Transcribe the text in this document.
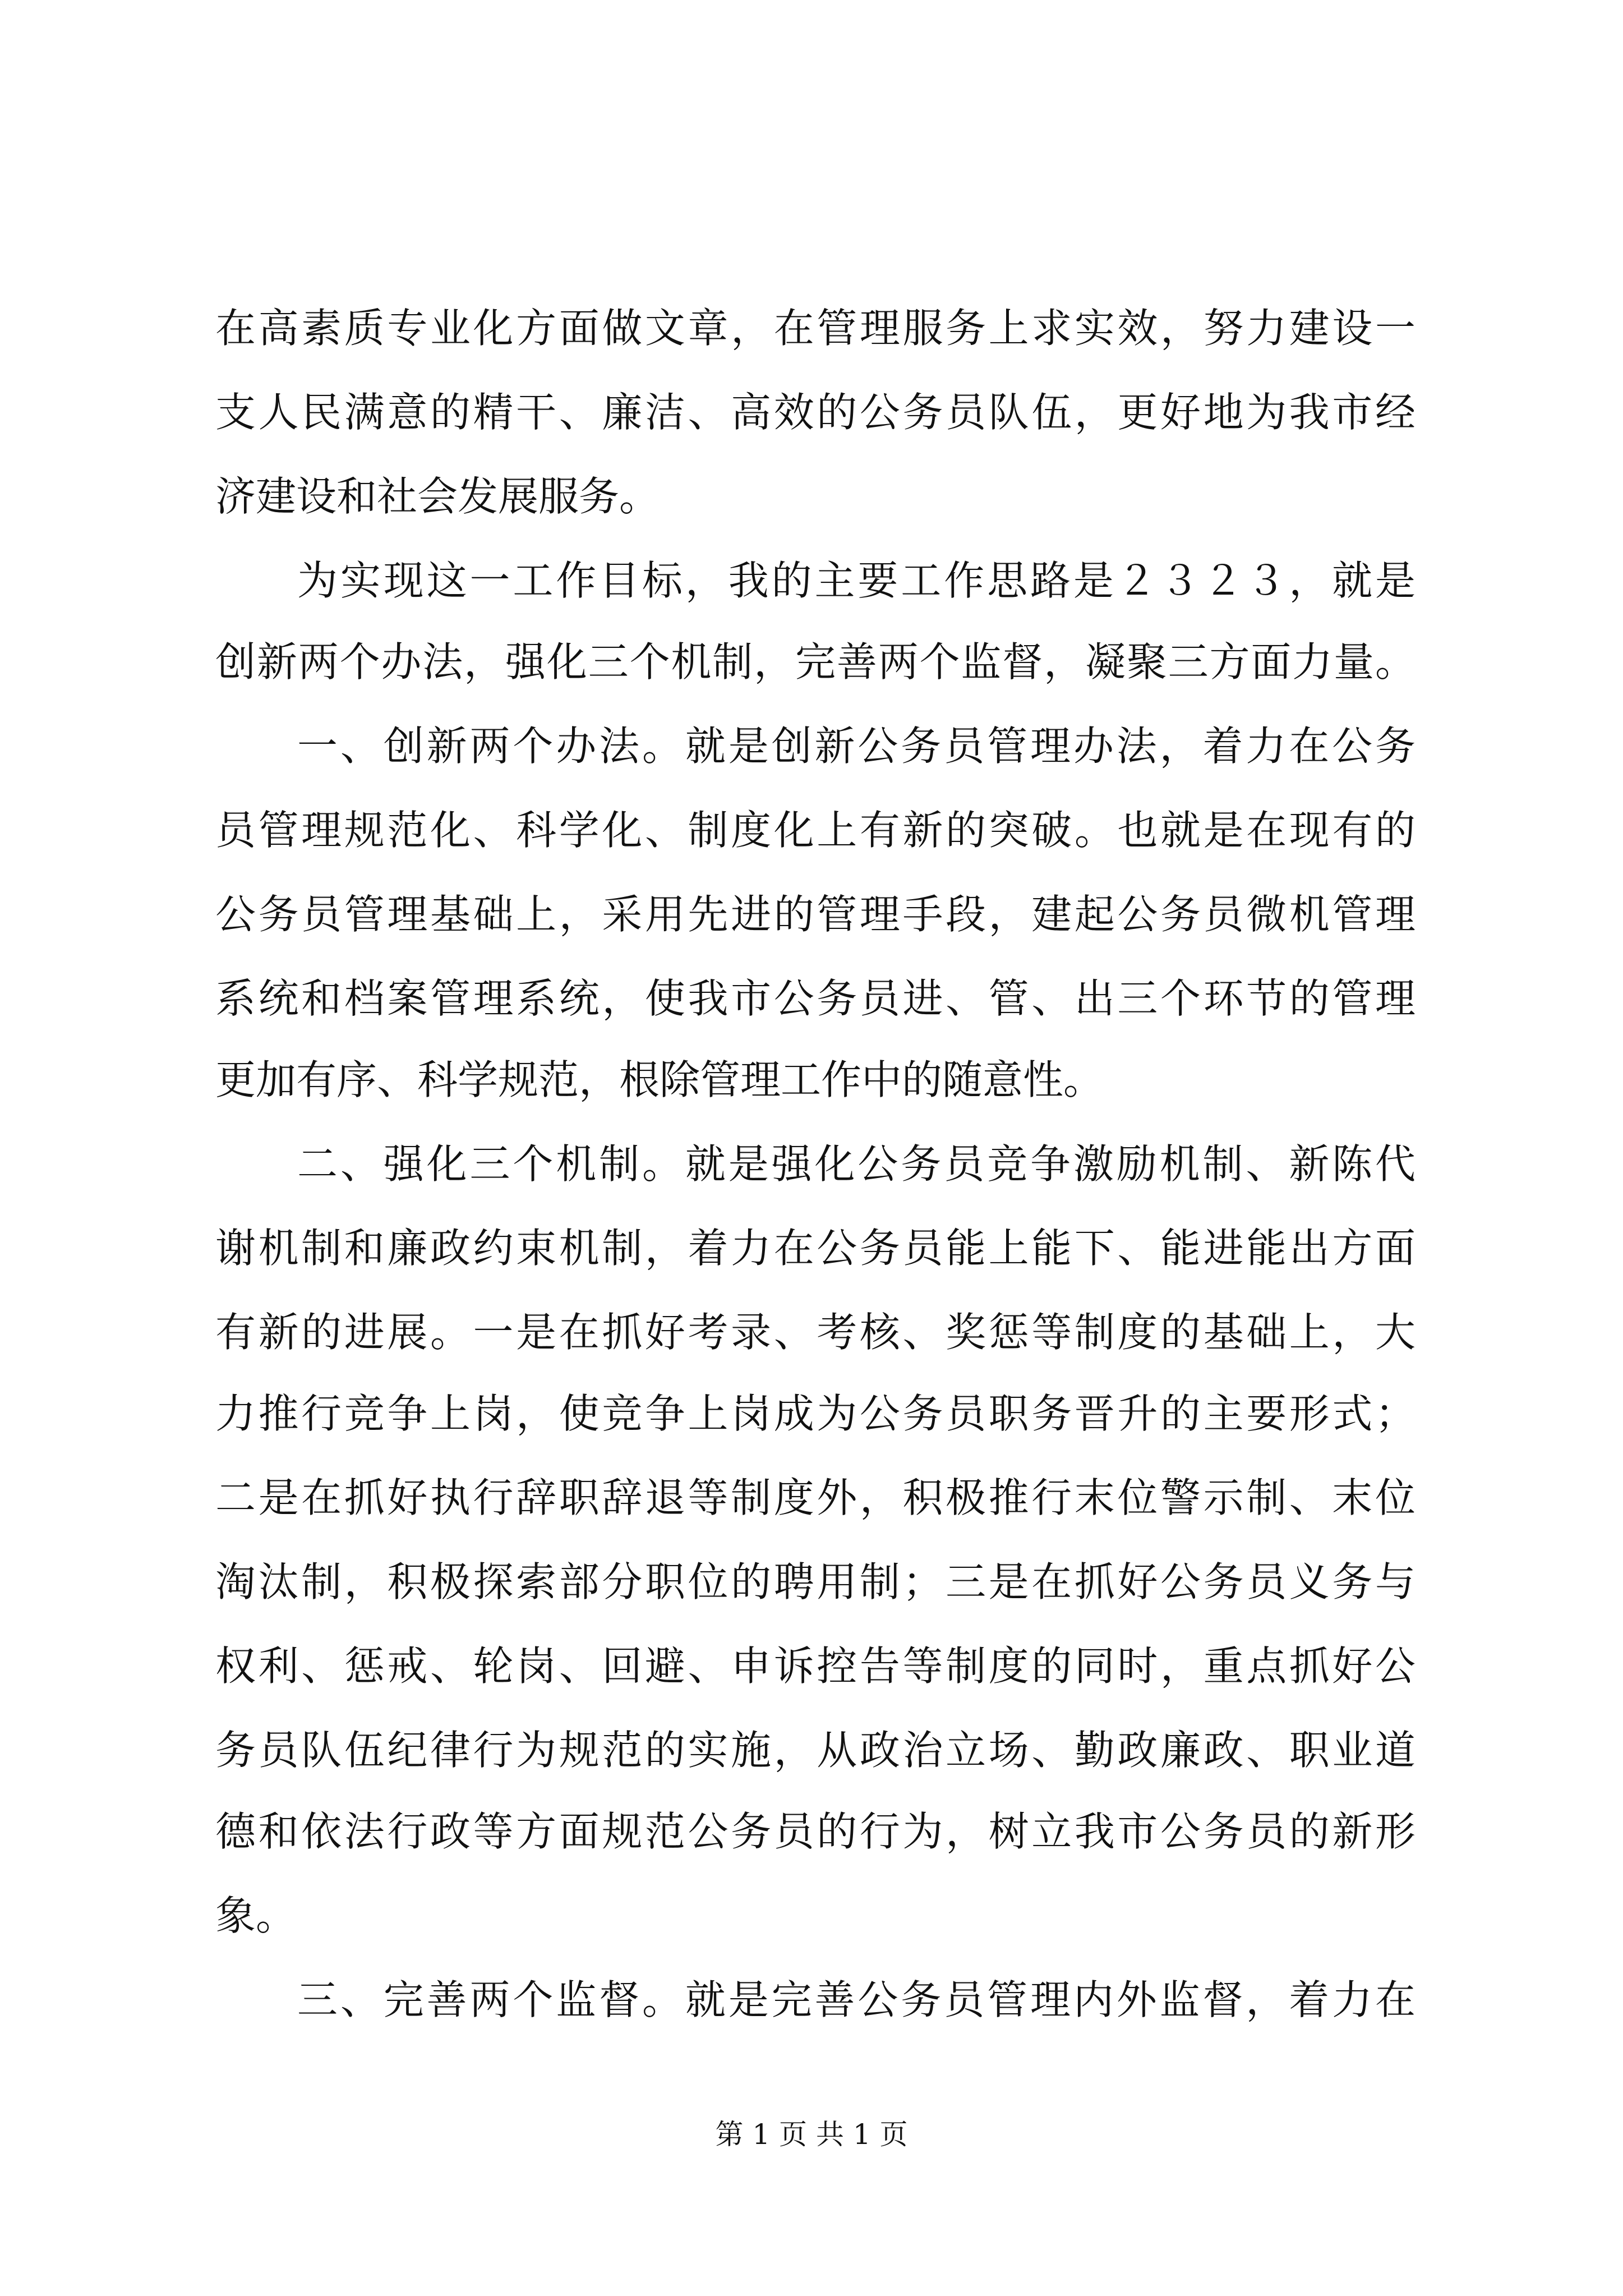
在高素质专业化方面做文章，在管理服务上求实效，努力建设一
支人民满意的精干、廉洁、高效的公务员队伍，更好地为我市经
济建设和社会发展服务。
为实现这一工作目标，我的主要工作思路是２３２３，就是
创新两个办法，强化三个机制，完善两个监督，凝聚三方面力量。
一、创新两个办法。就是创新公务员管理办法，着力在公务
员管理规范化、科学化、制度化上有新的突破。也就是在现有的
公务员管理基础上，采用先进的管理手段，建起公务员微机管理
系统和档案管理系统，使我市公务员进、管、出三个环节的管理
更加有序、科学规范，根除管理工作中的随意性。
二、强化三个机制。就是强化公务员竞争激励机制、新陈代
谢机制和廉政约束机制，着力在公务员能上能下、能进能出方面
有新的进展。一是在抓好考录、考核、奖惩等制度的基础上，大
力推行竞争上岗，使竞争上岗成为公务员职务晋升的主要形式；
二是在抓好执行辞职辞退等制度外，积极推行末位警示制、末位
淘汰制，积极探索部分职位的聘用制；三是在抓好公务员义务与
权利、惩戒、轮岗、回避、申诉控告等制度的同时，重点抓好公
务员队伍纪律行为规范的实施，从政治立场、勤政廉政、职业道
德和依法行政等方面规范公务员的行为，树立我市公务员的新形
象。
三、完善两个监督。就是完善公务员管理内外监督，着力在
第 1 页 共 1 页
